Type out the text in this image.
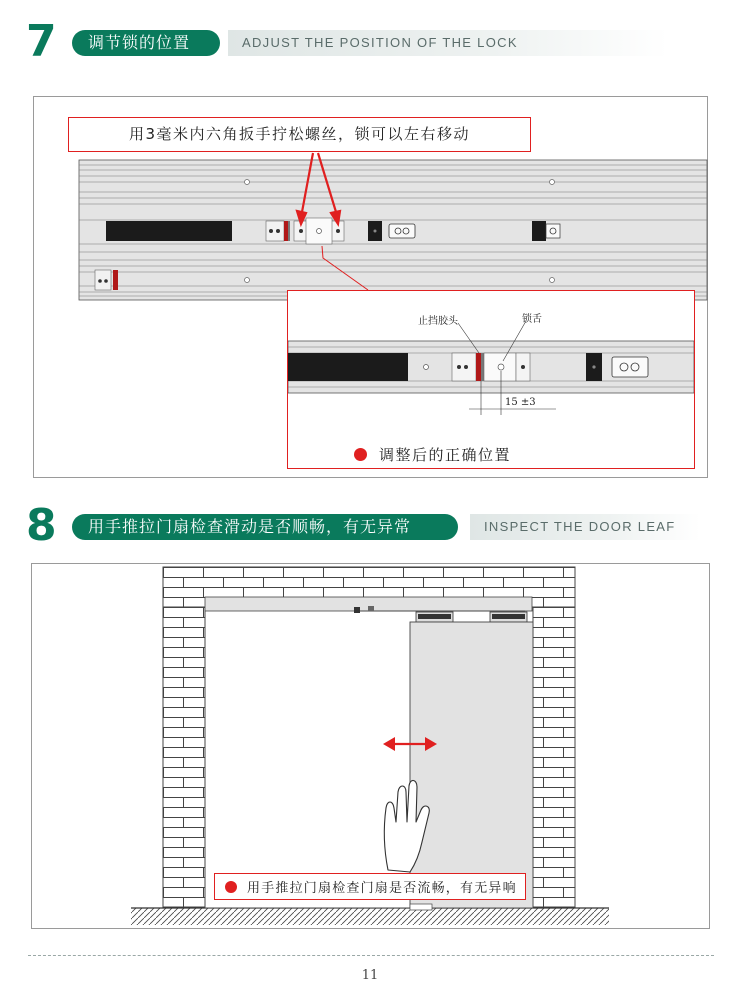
7	调节锁的位置	ADJUST THE POSITION OF THE LOCK
用3毫米内六角扳手拧松螺丝，锁可以左右移动
止挡胶头	锁舌
15 ±3
调整后的正确位置
8	用手推拉门扇检查滑动是否顺畅，有无异常	INSPECT THE DOOR LEAF
用手推拉门扇检查门扇是否流畅，有无异响
11
